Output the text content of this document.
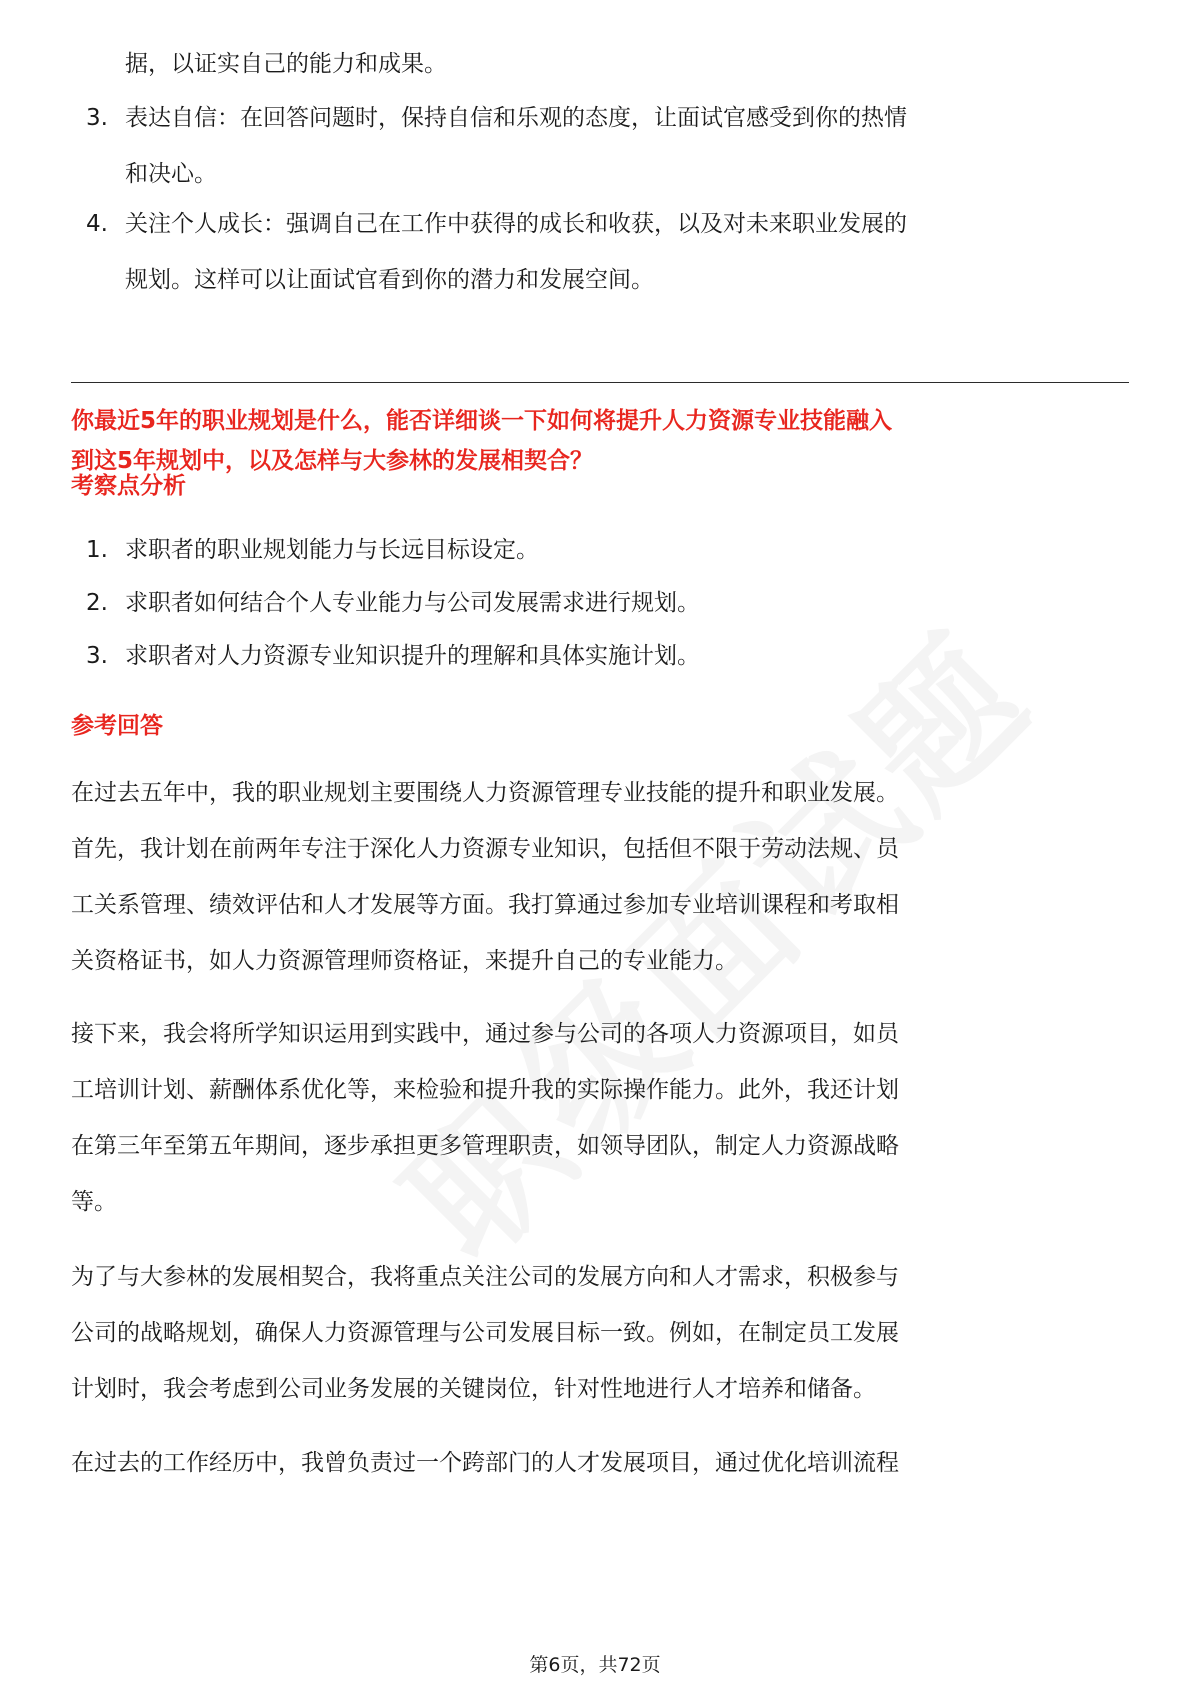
据，以证实自己的能力和成果。
3. 表达自信：在回答问题时，保持自信和乐观的态度，让面试官感受到你的热情
和决心。
4. 关注个人成长：强调自己在工作中获得的成长和收获，以及对未来职业发展的
规划。这样可以让面试官看到你的潜力和发展空间。
你最近5年的职业规划是什么，能否详细谈一下如何将提升人力资源专业技能融入
到这5年规划中，以及怎样与大参林的发展相契合？
考察点分析
1. 求职者的职业规划能力与长远目标设定。
2. 求职者如何结合个人专业能力与公司发展需求进行规划。
3. 求职者对人力资源专业知识提升的理解和具体实施计划。
参考回答
在过去五年中，我的职业规划主要围绕人力资源管理专业技能的提升和职业发展。
首先，我计划在前两年专注于深化人力资源专业知识，包括但不限于劳动法规、员
工关系管理、绩效评估和人才发展等方面。我打算通过参加专业培训课程和考取相
关资格证书，如人力资源管理师资格证，来提升自己的专业能力。
接下来，我会将所学知识运用到实践中，通过参与公司的各项人力资源项目，如员
工培训计划、薪酬体系优化等，来检验和提升我的实际操作能力。此外，我还计划
在第三年至第五年期间，逐步承担更多管理职责，如领导团队，制定人力资源战略
等。
为了与大参林的发展相契合，我将重点关注公司的发展方向和人才需求，积极参与
公司的战略规划，确保人力资源管理与公司发展目标一致。例如，在制定员工发展
计划时，我会考虑到公司业务发展的关键岗位，针对性地进行人才培养和储备。
在过去的工作经历中，我曾负责过一个跨部门的人才发展项目，通过优化培训流程
第6页，共72页
